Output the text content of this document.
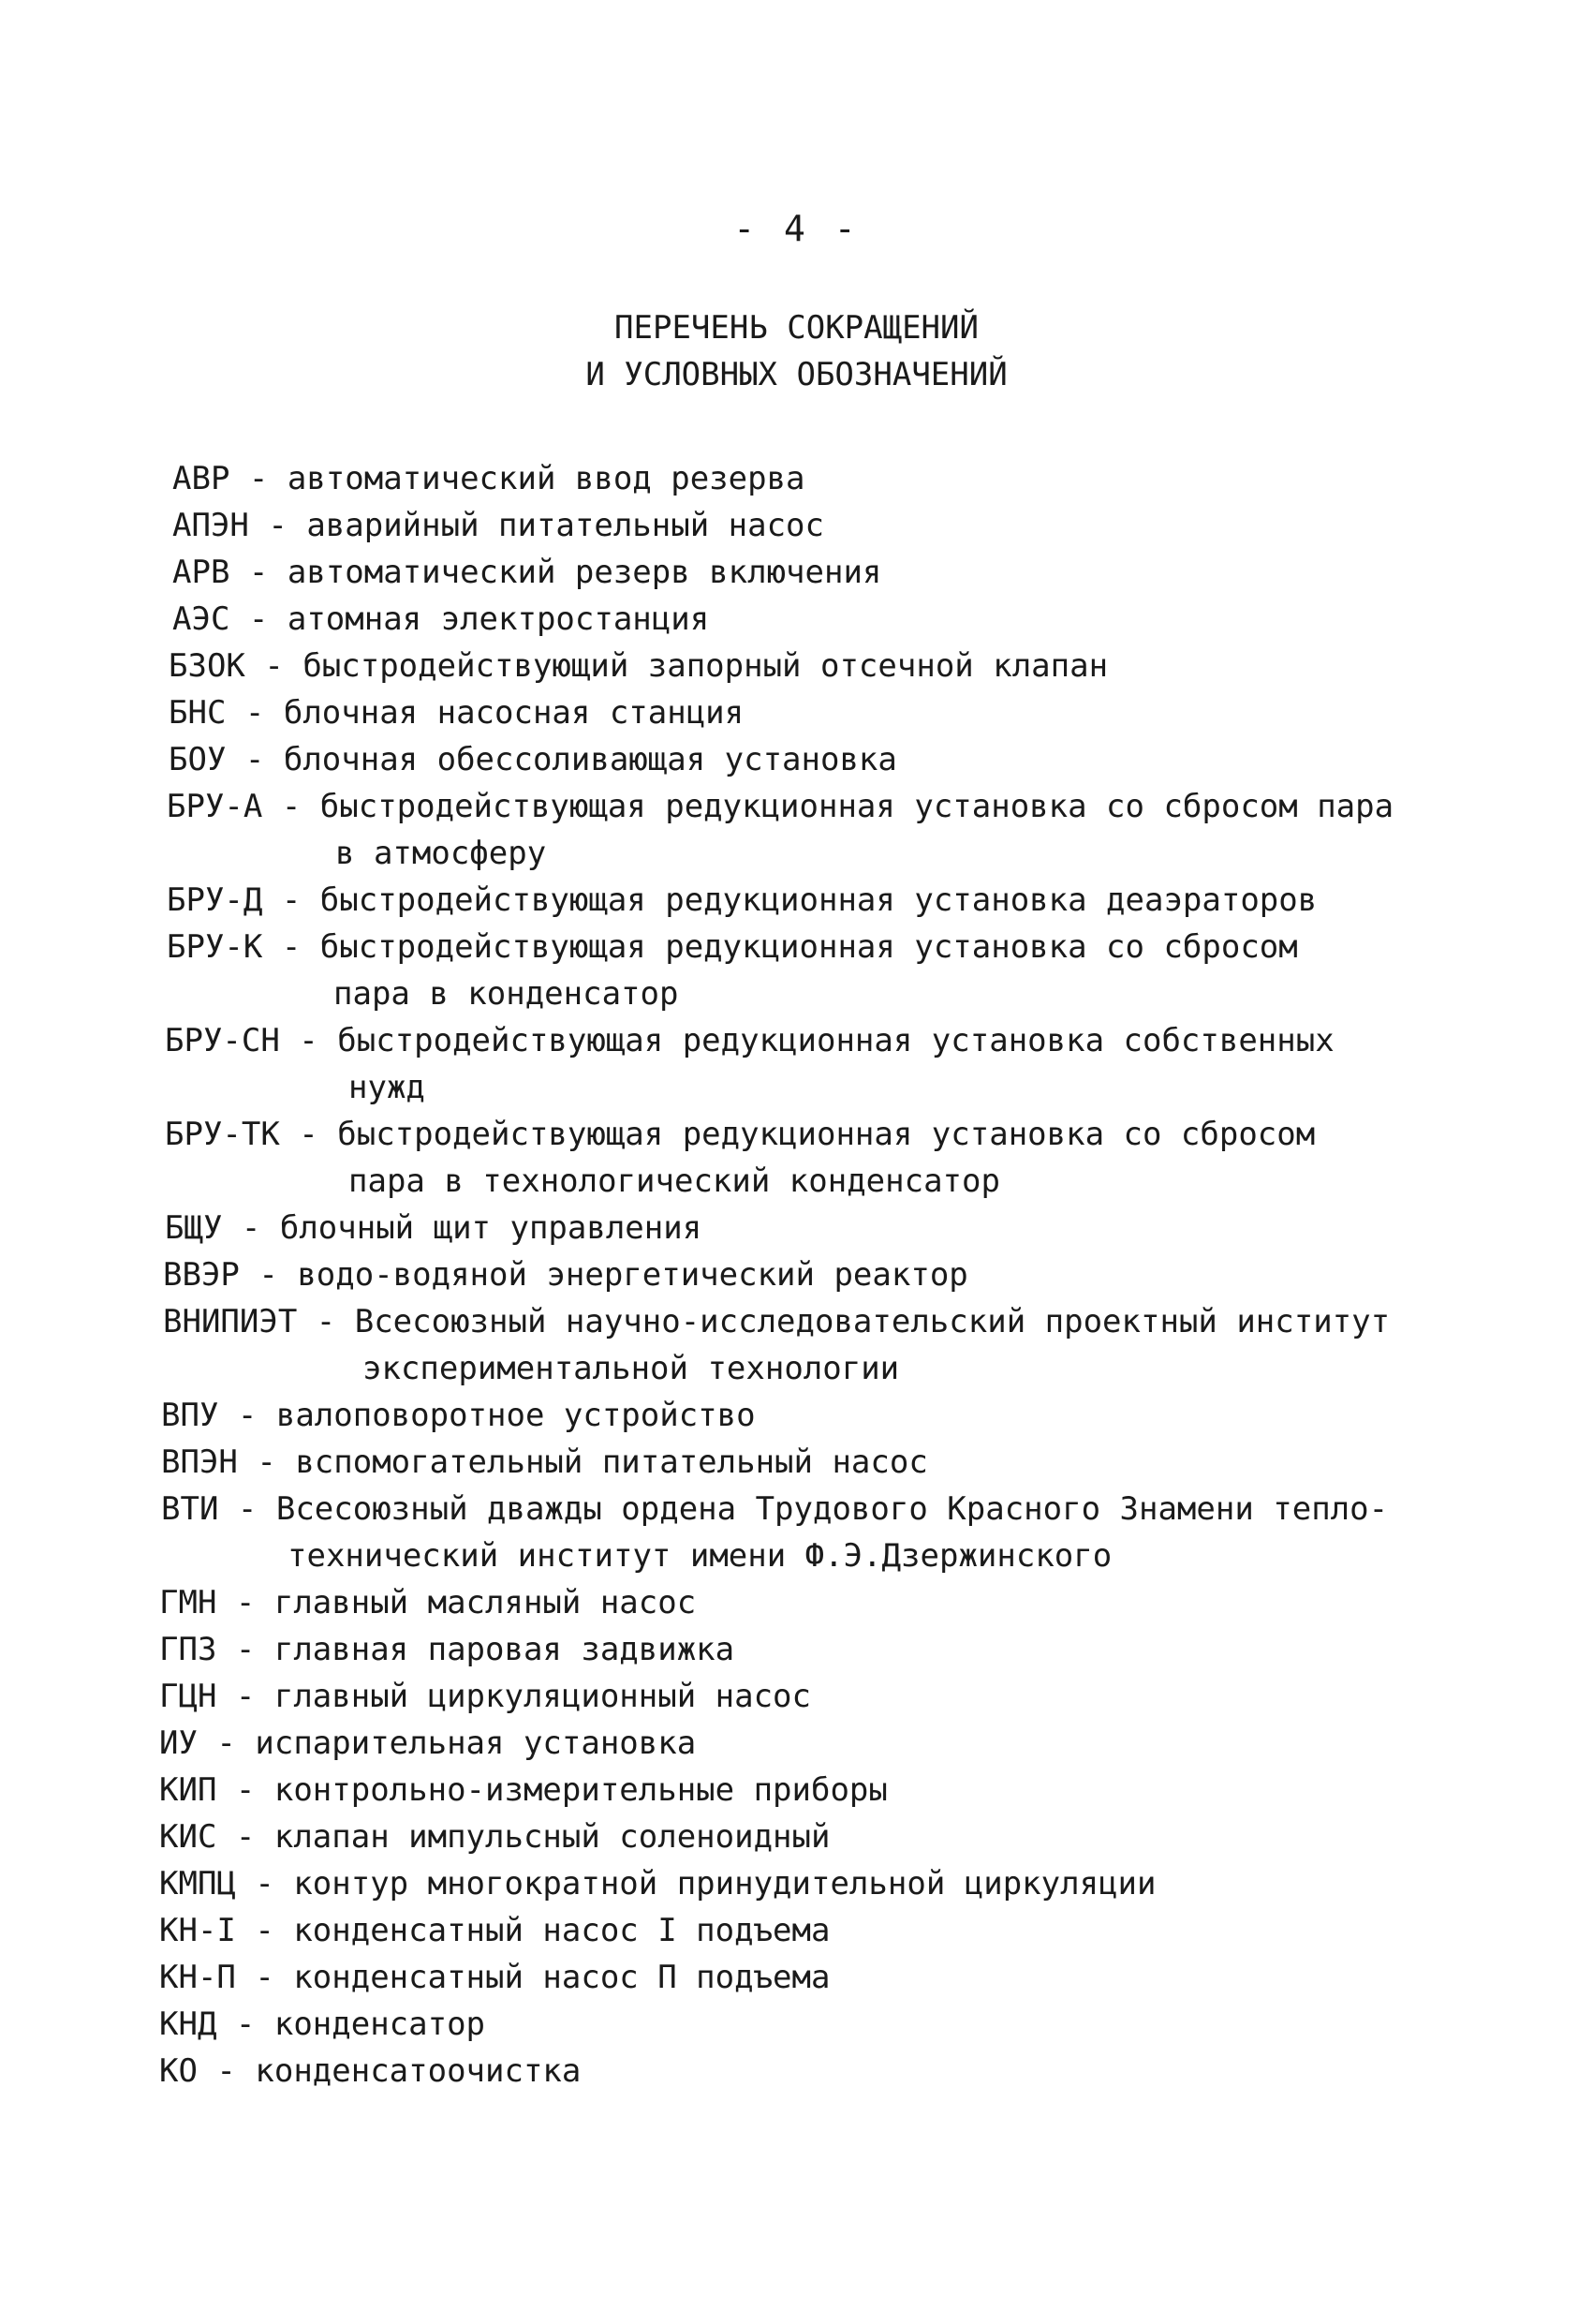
- 4 -
ПЕРЕЧЕНЬ СОКРАЩЕНИЙ
И УСЛОВНЫХ ОБОЗНАЧЕНИЙ
АВР - автоматический ввод резерва
АПЭН - аварийный питательный насос
АРВ - автоматический резерв включения
АЭС - атомная электростанция
БЗОК - быстродействующий запорный отсечной клапан
БНС - блочная насосная станция
БОУ - блочная обессоливающая установка
БРУ-А - быстродействующая редукционная установка со сбросом пара
в атмосферу
БРУ-Д - быстродействующая редукционная установка деаэраторов
БРУ-К - быстродействующая редукционная установка со сбросом
пара в конденсатор
БРУ-СН - быстродействующая редукционная установка собственных
нужд
БРУ-ТК - быстродействующая редукционная установка со сбросом
пара в технологический конденсатор
БЩУ - блочный щит управления
ВВЭР - водо-водяной энергетический реактор
ВНИПИЭТ - Всесоюзный научно-исследовательский проектный институт
экспериментальной технологии
ВПУ - валоповоротное устройство
ВПЭН - вспомогательный питательный насос
ВТИ - Всесоюзный дважды ордена Трудового Красного Знамени тепло-
технический институт имени Ф.Э.Дзержинского
ГМН - главный масляный насос
ГПЗ - главная паровая задвижка
ГЦН - главный циркуляционный насос
ИУ - испарительная установка
КИП - контрольно-измерительные приборы
КИС - клапан импульсный соленоидный
КМПЦ - контур многократной принудительной циркуляции
КН-I - конденсатный насос I подъема
КН-П - конденсатный насос П подъема
КНД - конденсатор
КО - конденсатоочистка
